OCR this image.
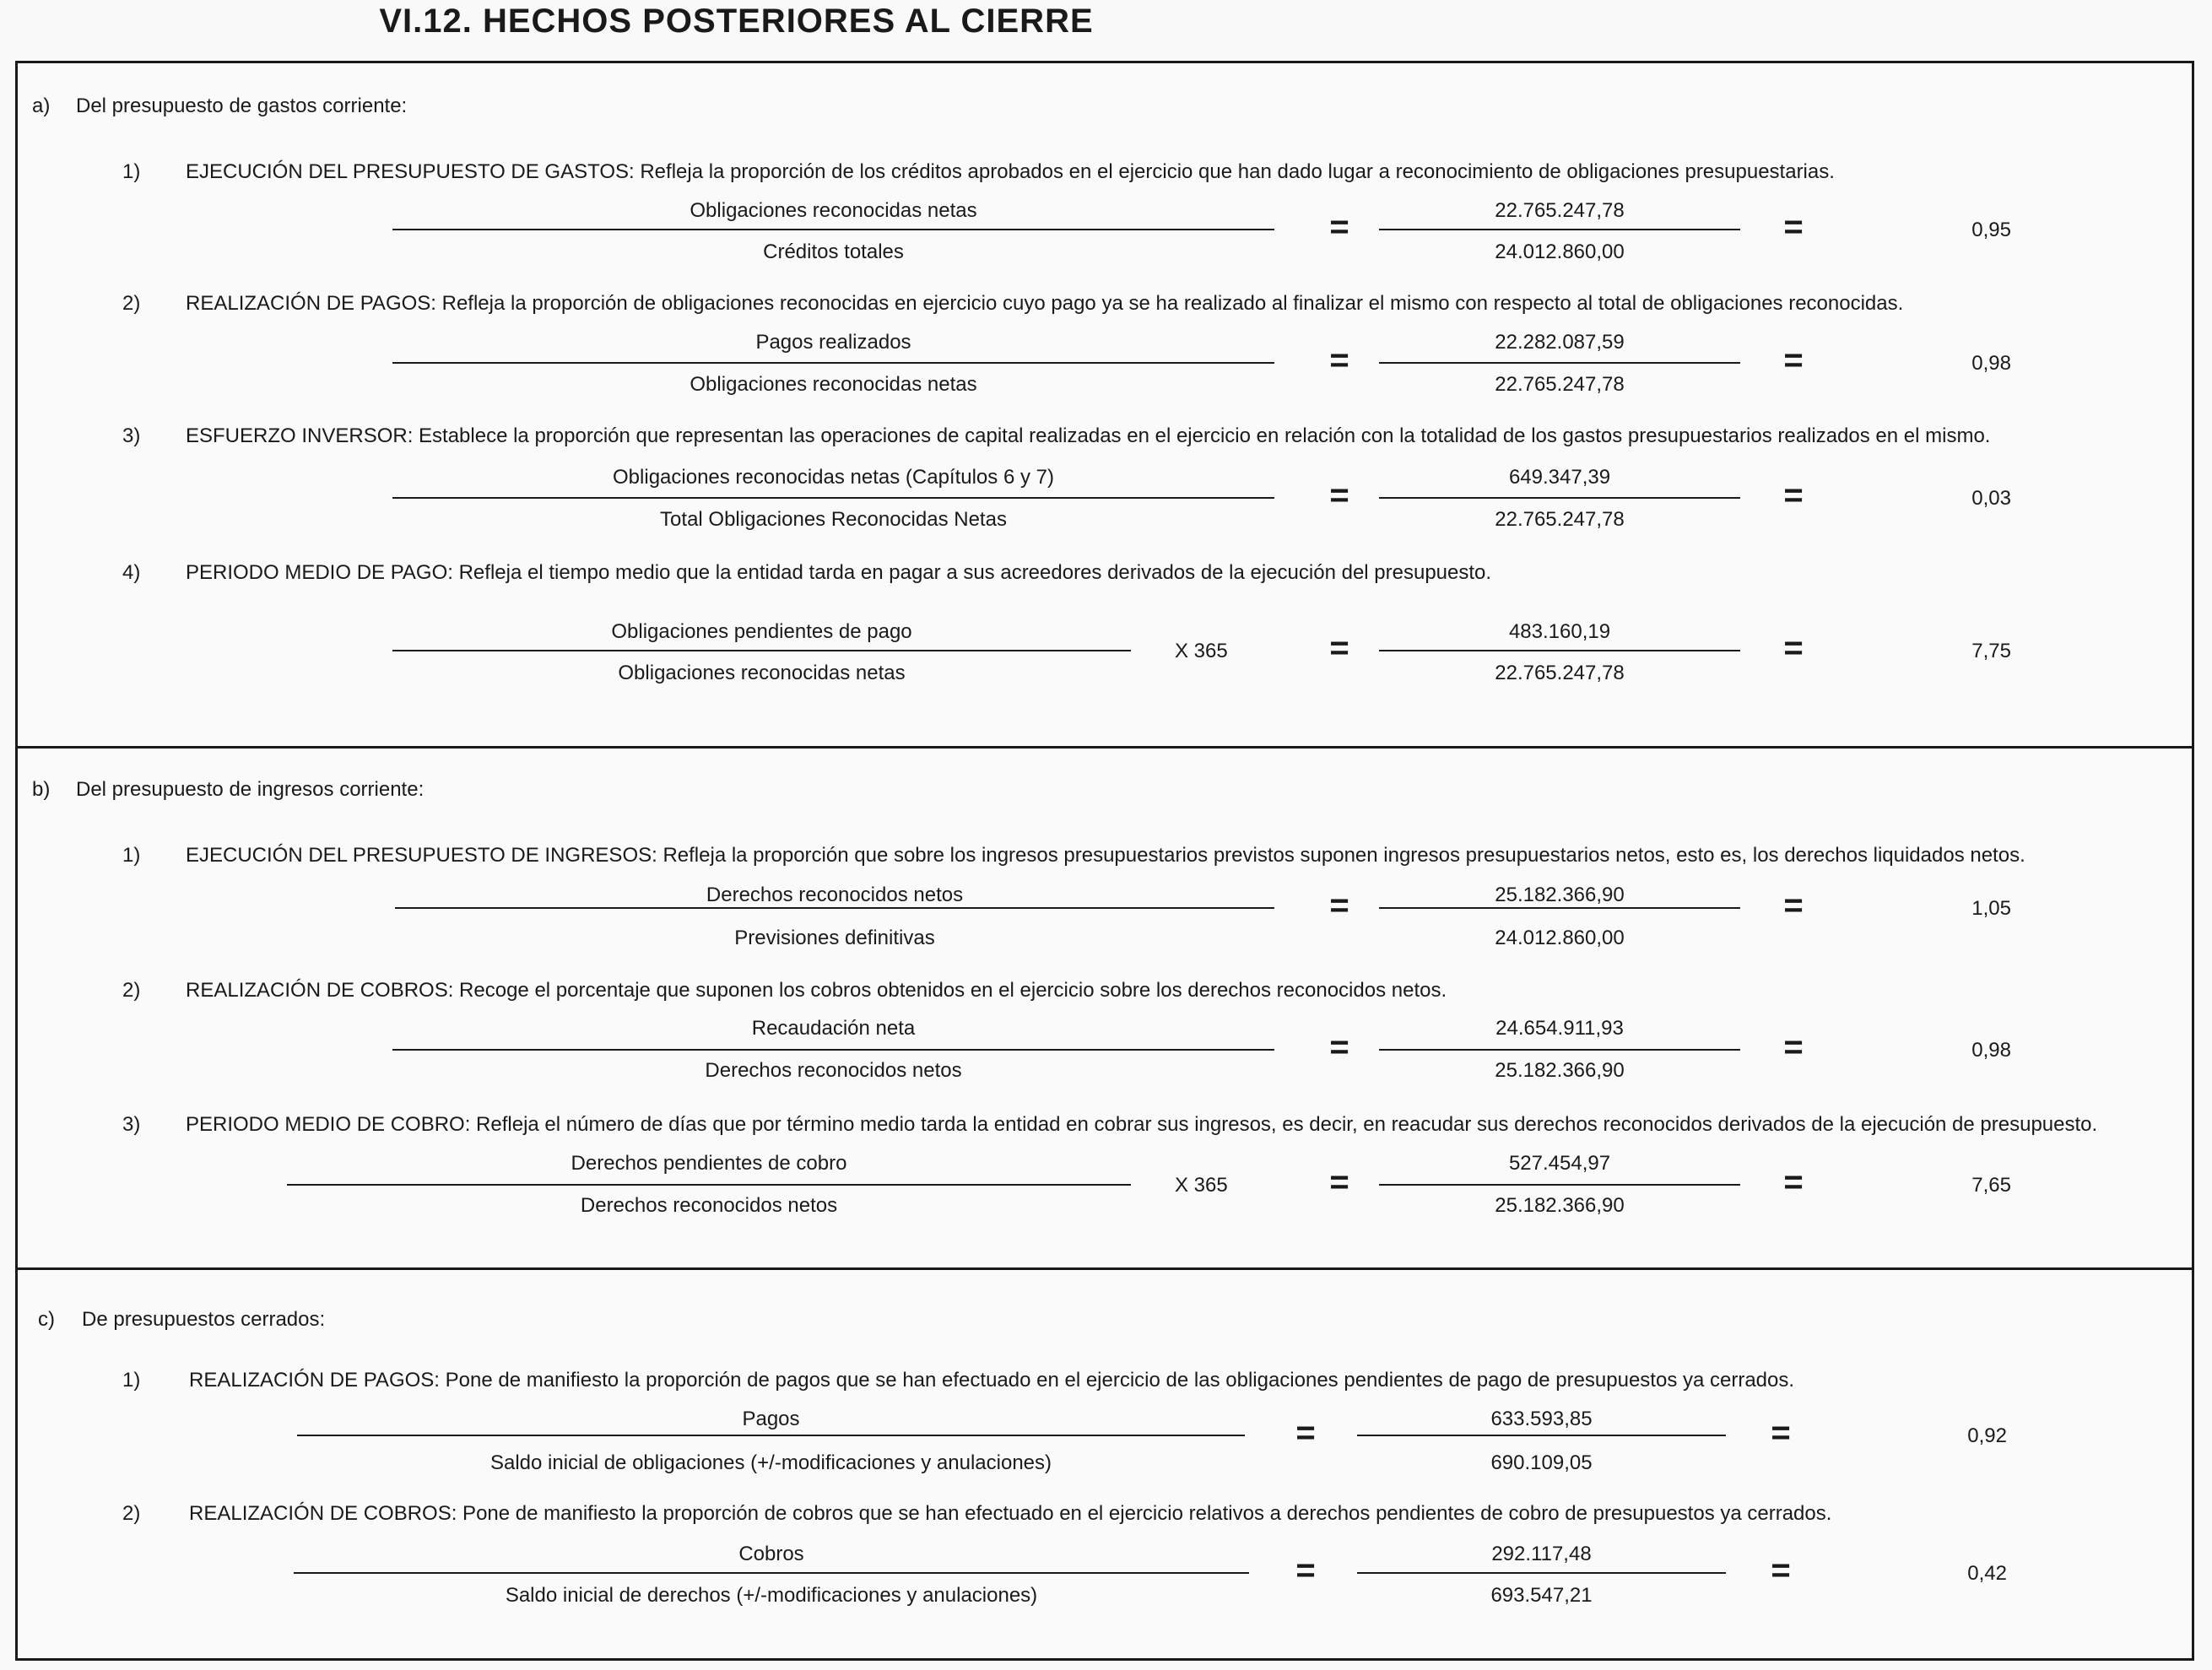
VI.12. HECHOS POSTERIORES AL CIERRE
a) Del presupuesto de gastos corriente:
1) EJECUCIÓN DEL PRESUPUESTO DE GASTOS: Refleja la proporción de los créditos aprobados en el ejercicio que han dado lugar a reconocimiento de obligaciones presupuestarias.
Obligaciones reconocidas netas
Créditos totales
=	22.765.247,78
24.012.860,00
=	0,95
2) REALIZACIÓN DE PAGOS: Refleja la proporción de obligaciones reconocidas en ejercicio cuyo pago ya se ha realizado al finalizar el mismo con respecto al total de obligaciones reconocidas.
Pagos realizados
Obligaciones reconocidas netas
=	22.282.087,59
22.765.247,78
=	0,98
3) ESFUERZO INVERSOR: Establece la proporción que representan las operaciones de capital realizadas en el ejercicio en relación con la totalidad de los gastos presupuestarios realizados en el mismo.
Obligaciones reconocidas netas (Capítulos 6 y 7)
Total Obligaciones Reconocidas Netas
=	649.347,39
22.765.247,78
=	0,03
4) PERIODO MEDIO DE PAGO: Refleja el tiempo medio que la entidad tarda en pagar a sus acreedores derivados de la ejecución del presupuesto.
Obligaciones pendientes de pago
Obligaciones reconocidas netas
X 365	=	483.160,19
22.765.247,78
=	7,75
b) Del presupuesto de ingresos corriente:
1) EJECUCIÓN DEL PRESUPUESTO DE INGRESOS: Refleja la proporción que sobre los ingresos presupuestarios previstos suponen ingresos presupuestarios netos, esto es, los derechos liquidados netos.
Derechos reconocidos netos
Previsiones definitivas
=	25.182.366,90
24.012.860,00
=	1,05
2) REALIZACIÓN DE COBROS: Recoge el porcentaje que suponen los cobros obtenidos en el ejercicio sobre los derechos reconocidos netos.
Recaudación neta
Derechos reconocidos netos
=
24.654.911,93
25.182.366,90
=	0,98
3) PERIODO MEDIO DE COBRO: Refleja el número de días que por término medio tarda la entidad en cobrar sus ingresos, es decir, en reacudar sus derechos reconocidos derivados de la ejecución de presupuesto.
Derechos pendientes de cobro
Derechos reconocidos netos
X 365	=
527.454,97
25.182.366,90
=	7,65
c) De presupuestos cerrados:
1) REALIZACIÓN DE PAGOS: Pone de manifiesto la proporción de pagos que se han efectuado en el ejercicio de las obligaciones pendientes de pago de presupuestos ya cerrados.
Pagos
Saldo inicial de obligaciones (+/-modificaciones y anulaciones)
=	633.593,85
690.109,05
=	0,92
2) REALIZACIÓN DE COBROS: Pone de manifiesto la proporción de cobros que se han efectuado en el ejercicio relativos a derechos pendientes de cobro de presupuestos ya cerrados.
Cobros
Saldo inicial de derechos (+/-modificaciones y anulaciones)
=	292.117,48
693.547,21
=	0,42
